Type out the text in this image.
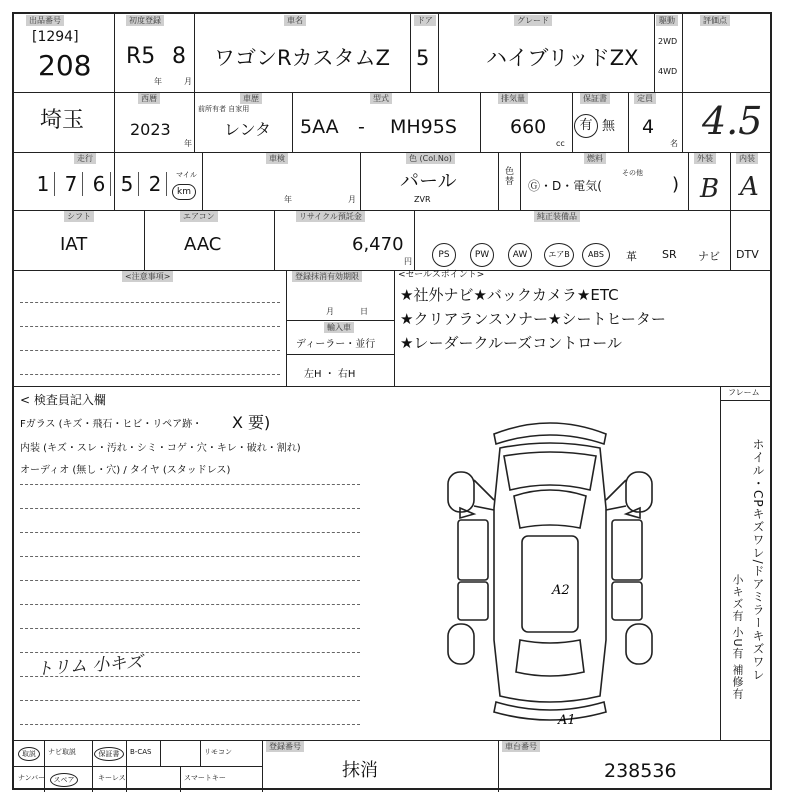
出品番号
[1294]
208
初度登録
R5 8
年	月
車名
ワゴンRカスタムZ
ドア
5
グレード
ハイブリッドZX
駆動
2WD
4WD
評価点
4.5
埼玉
西暦
2023
年
車歴
前所有者 自家用
レンタ
型式
5AA - MH95S
排気量
660
cc
保証書
有 無
定員
4
名
走行
1 7 6 5 2	マイル
km
車検
年	月
色 (Col.No)
パール
ZVR
色替
燃料
Ⓖ・D・電気(
その他
)
外装
B
内装
A
シフト
IAT
エアコン
AAC
リサイクル預託金
6,470
円
純正装備品
PS	PW	AW	エアB	ABS	革 SR ナビ DTV
<注意事項>	登録抹消有効期限
月	日
輸入車
ディーラー・並行
左H ・ 右H
<セールスポイント>
★社外ナビ★バックカメラ★ETC
★クリアランスソナー★シートヒーター
★レーダークルーズコントロール
< 検査員記入欄
Fガラス (キズ・飛石・ヒビ・リペア跡・ X 要)
内装 (キズ・スレ・汚れ・シミ・コゲ・穴・キレ・破れ・割れ)
オーディオ (無し・穴) / タイヤ (スタッドレス)
トリム 小キズ
A2
A1
フレーム
ホイル・CPキズワレ/ドアミラーキズワレ
小キズ有 小U有 補修有
取説	ナビ取説	保証書	B-CAS	リモコン
ナンバー	スペア	キーレス	スマートキー
登録番号
抹消
車台番号
238536
